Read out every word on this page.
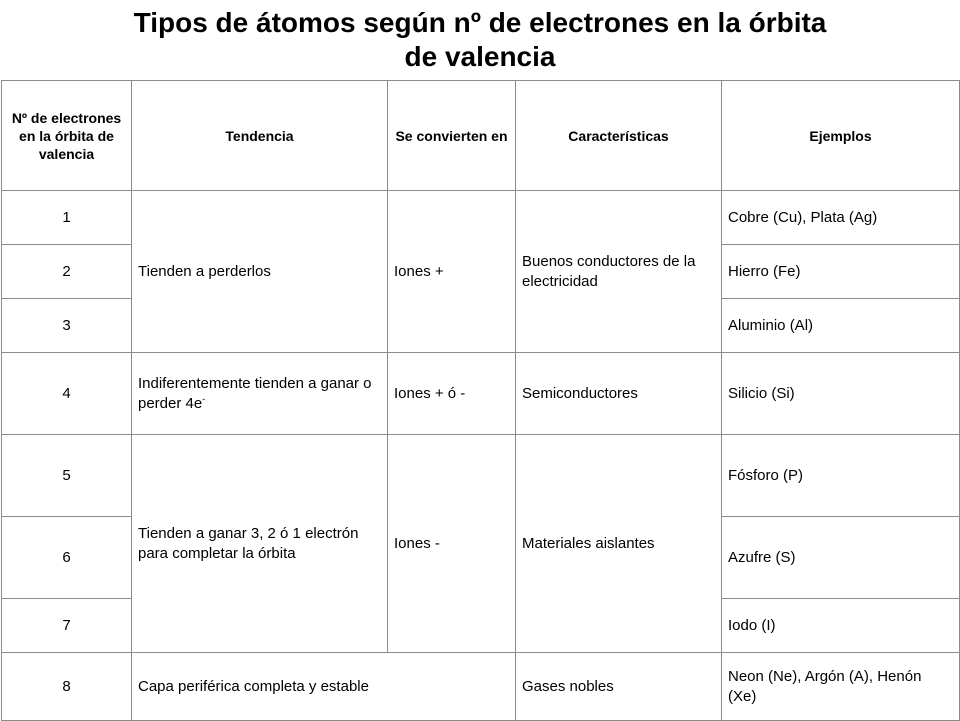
Tipos de átomos según nº de electrones en la órbita
de valencia
Nº de electrones en la órbita de valencia	Tendencia	Se convierten en	Características	Ejemplos
1	Tienden a perderlos	Iones +	Buenos conductores de la electricidad	Cobre (Cu), Plata (Ag)
2				Hierro (Fe)
3				Aluminio (Al)
4	Indiferentemente tienden a ganar o perder 4e-	Iones + ó -	Semiconductores	Silicio (Si)
5	Tienden a ganar 3, 2 ó 1 electrón para completar la órbita	Iones -	Materiales aislantes	Fósforo (P)
6				Azufre (S)
7				Iodo (I)
8	Capa periférica completa y estable		Gases nobles	Neon (Ne), Argón (A), Henón (Xe)
